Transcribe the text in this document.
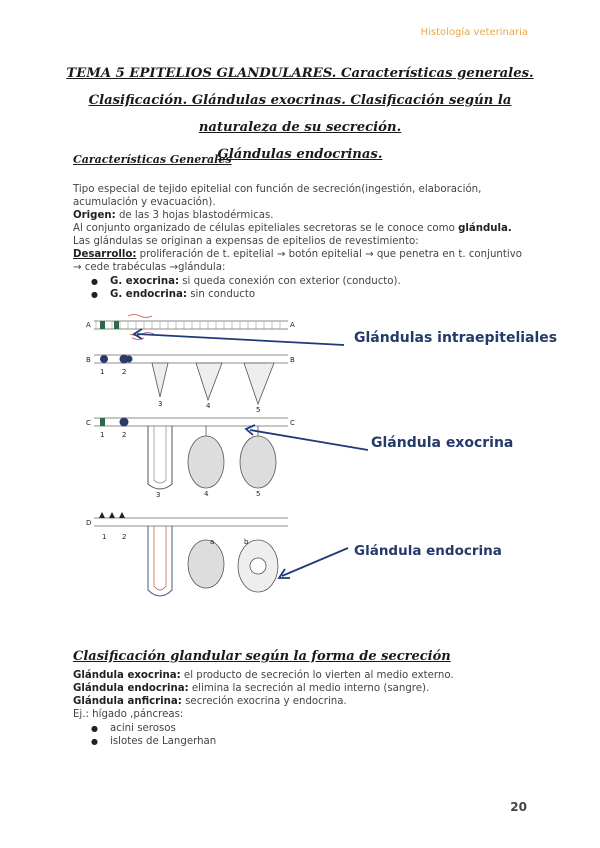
Histología veterinaria
TEMA 5 EPITELIOS GLANDULARES. Características generales.
Clasificación. Glándulas exocrinas. Clasificación según la naturaleza de su secreción.
Glándulas endocrinas.
Características Generales

Tipo especial de tejido epitelial con función de secreción(ingestión, elaboración, acumulación y evacuación).

Origen: de las 3 hojas blastodérmicas.

Al conjunto organizado de células epiteliales secretoras se le conoce como glándula.

Las glándulas se originan a expensas de epitelios de revestimiento:

Desarrollo: proliferación de t. epitelial → botón epitelial → que penetra en t. conjuntivo → cede trabéculas →glándula:

● G. exocrina: si queda conexión con exterior (conducto).
● G. endocrina: sin conducto
A	A
B	B
1	2
3	4	5
C	C
1	2
3	4	5
D
a	b
1 2
Glándulas intraepiteliales
Glándula exocrina
Glándula endocrina
Clasificación glandular según la forma de secreción

Glándula exocrina: el producto de secreción lo vierten al medio externo.

Glándula endocrina: elimina la secreción al medio interno (sangre).

Glándula anficrina: secreción exocrina y endocrina.

Ej.: hígado ,páncreas:

● acini serosos
● islotes de Langerhan
20
